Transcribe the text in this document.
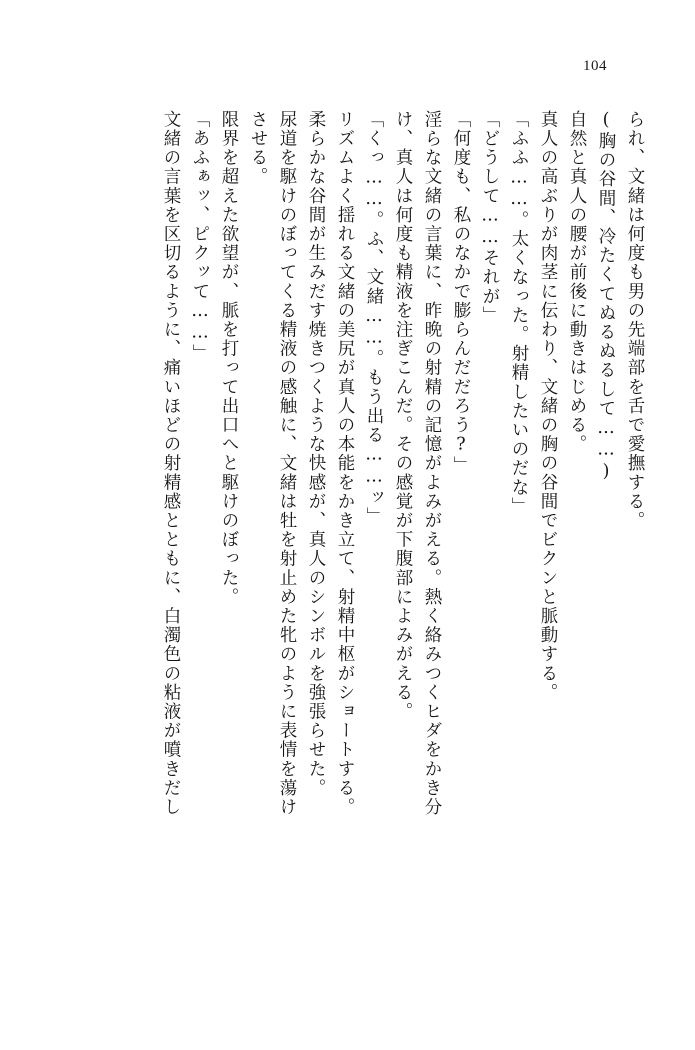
104
られ、文緒は何度も男の先端部を舌で愛撫する。
(胸の谷間、冷たくてぬるぬるして……)
自然と真人の腰が前後に動きはじめる。
真人の高ぶりが肉茎に伝わり、文緒の胸の谷間でビクンと脈動する。
「ふふ……。太くなった。射精したいのだな」
「どうして……それが」
「何度も、私のなかで膨らんだだろう?」
淫らな文緒の言葉に、昨晩の射精の記憶がよみがえる。熱く絡みつくヒダをかき分
け、真人は何度も精液を注ぎこんだ。その感覚が下腹部によみがえる。
「くっ……。ふ、文緒……。もう出る……ッ」
リズムよく揺れる文緒の美尻が真人の本能をかき立て、射精中枢がショートする。
柔らかな谷間が生みだす焼きつくような快感が、真人のシンボルを強張らせた。
尿道を駆けのぼってくる精液の感触に、文緒は牡を射止めた牝のように表情を蕩け
させる。
限界を超えた欲望が、脈を打って出口へと駆けのぼった。
「あふぁッ、ピクッて……」
文緒の言葉を区切るように、痛いほどの射精感とともに、白濁色の粘液が噴きだし
